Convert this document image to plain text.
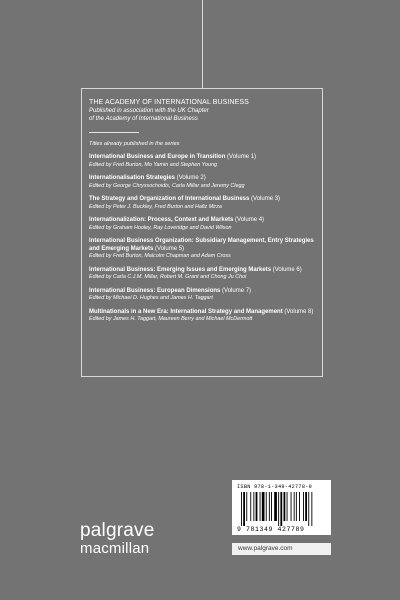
THE ACADEMY OF INTERNATIONAL BUSINESS
Published in association with the UK Chapter
of the Academy of International Business
Titles already published in the series
International Business and Europe in Transition (Volume 1)
Edited by Fred Burton, Mo Yamin and Stephen Young
Internationalisation Strategies (Volume 2)
Edited by George Chryssochoidis, Carla Millar and Jeremy Clegg
The Strategy and Organization of International Business (Volume 3)
Edited by Peter J. Buckley, Fred Burton and Hafiz Mirza
Internationalization: Process, Context and Markets (Volume 4)
Edited by Graham Hooley, Ray Loveridge and David Wilson
International Business Organization: Subsidiary Management, Entry Strategies and Emerging Markets (Volume 5)
Edited by Fred Burton, Malcolm Chapman and Adam Cross
International Business: Emerging Issues and Emerging Markets (Volume 6)
Edited by Carla C.J.M. Millar, Robert M. Grant and Chong Ju Choi
International Business: European Dimensions (Volume 7)
Edited by Michael D. Hughes and James H. Taggart
Multinationals in a New Era: International Strategy and Management (Volume 8)
Edited by James H. Taggart, Maureen Berry and Michael McDermott
ISBN 978-1-349-42778-9
9 781349 427789
palgrave
macmillan	www.palgrave.com
